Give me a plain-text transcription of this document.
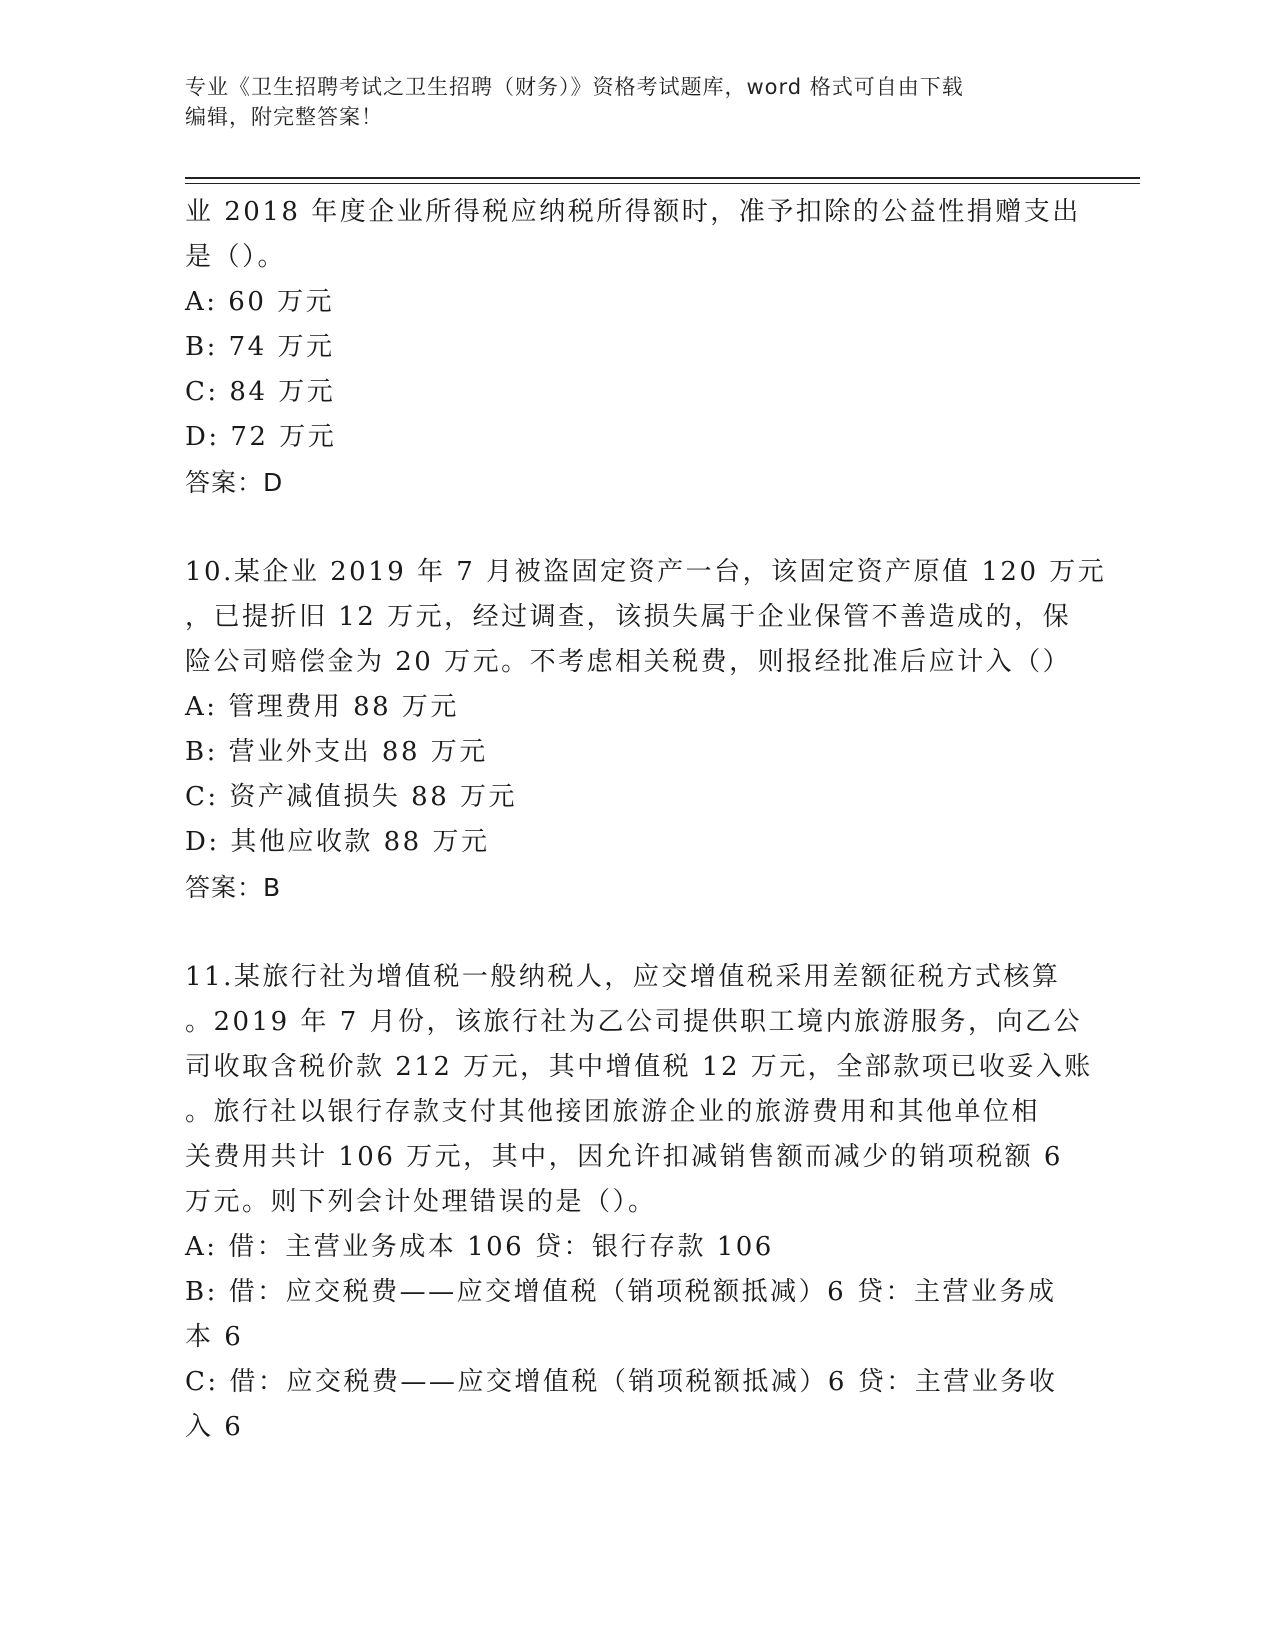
专业《卫生招聘考试之卫生招聘（财务）》资格考试题库，word 格式可自由下载
编辑，附完整答案！
业 2018 年度企业所得税应纳税所得额时，准予扣除的公益性捐赠支出
是（）。
A: 60 万元
B: 74 万元
C: 84 万元
D: 72 万元
答案：D
10.某企业 2019 年 7 月被盗固定资产一台，该固定资产原值 120 万元
，已提折旧 12 万元，经过调查，该损失属于企业保管不善造成的，保
险公司赔偿金为 20 万元。不考虑相关税费，则报经批准后应计入（）
A: 管理费用 88 万元
B: 营业外支出 88 万元
C: 资产减值损失 88 万元
D: 其他应收款 88 万元
答案：B
11.某旅行社为增值税一般纳税人，应交增值税采用差额征税方式核算
。2019 年 7 月份，该旅行社为乙公司提供职工境内旅游服务，向乙公
司收取含税价款 212 万元，其中增值税 12 万元，全部款项已收妥入账
。旅行社以银行存款支付其他接团旅游企业的旅游费用和其他单位相
关费用共计 106 万元，其中，因允许扣减销售额而减少的销项税额 6
万元。则下列会计处理错误的是（）。
A: 借：主营业务成本 106 贷：银行存款 106
B: 借：应交税费——应交增值税（销项税额抵减）6 贷：主营业务成
本 6
C: 借：应交税费——应交增值税（销项税额抵减）6 贷：主营业务收
入 6
